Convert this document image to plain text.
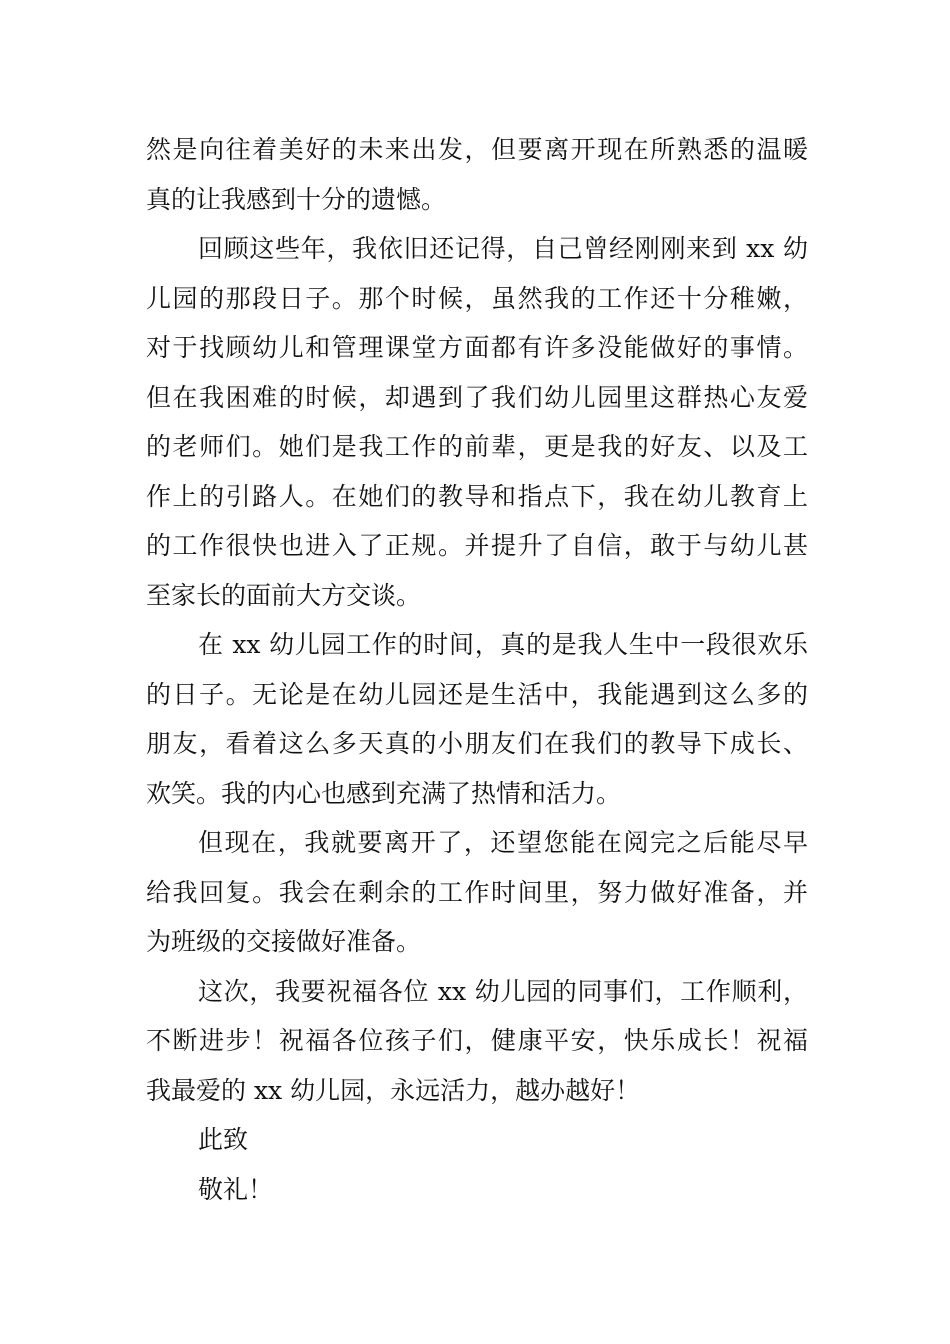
然是向往着美好的未来出发，但要离开现在所熟悉的温暖
真的让我感到十分的遗憾。
回顾这些年，我依旧还记得，自己曾经刚刚来到 xx 幼
儿园的那段日子。那个时候，虽然我的工作还十分稚嫩，
对于找顾幼儿和管理课堂方面都有许多没能做好的事情。
但在我困难的时候，却遇到了我们幼儿园里这群热心友爱
的老师们。她们是我工作的前辈，更是我的好友、以及工
作上的引路人。在她们的教导和指点下，我在幼儿教育上
的工作很快也进入了正规。并提升了自信，敢于与幼儿甚
至家长的面前大方交谈。
在 xx 幼儿园工作的时间，真的是我人生中一段很欢乐
的日子。无论是在幼儿园还是生活中，我能遇到这么多的
朋友，看着这么多天真的小朋友们在我们的教导下成长、
欢笑。我的内心也感到充满了热情和活力。
但现在，我就要离开了，还望您能在阅完之后能尽早
给我回复。我会在剩余的工作时间里，努力做好准备，并
为班级的交接做好准备。
这次，我要祝福各位 xx 幼儿园的同事们，工作顺利，
不断进步！祝福各位孩子们，健康平安，快乐成长！祝福
我最爱的 xx 幼儿园，永远活力，越办越好！
此致
敬礼！
